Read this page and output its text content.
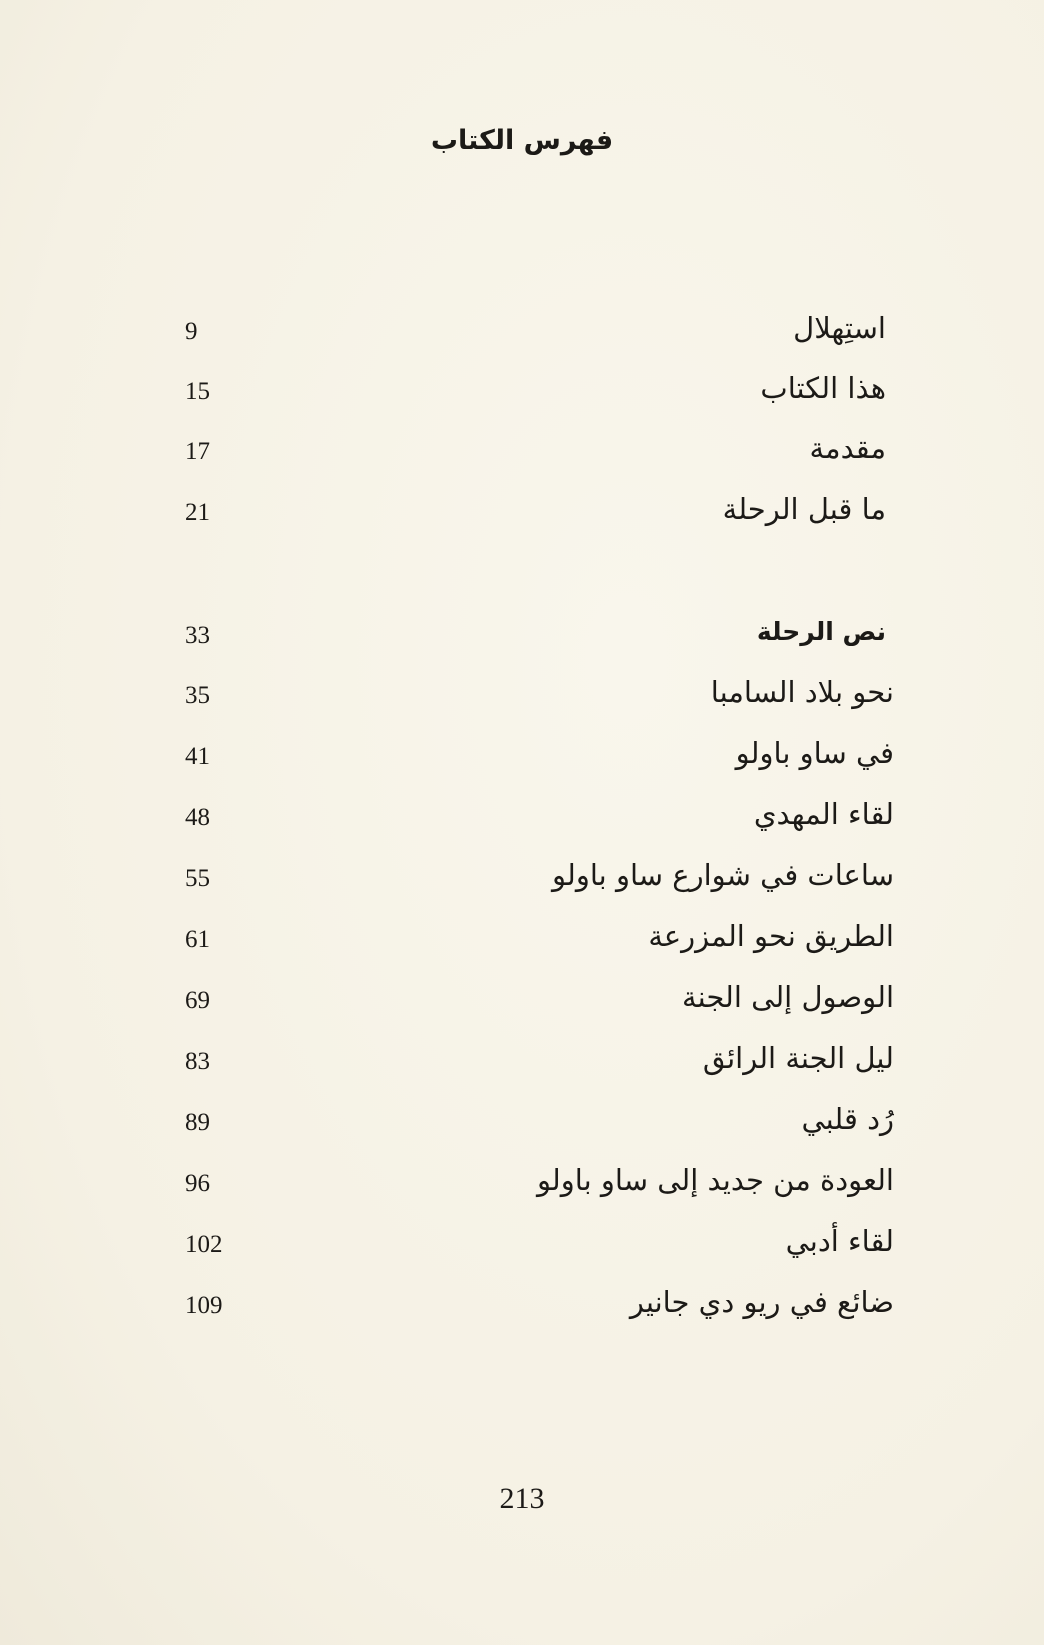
فهرس الكتاب
استِهلال
9
هذا الكتاب
15
مقدمة
17
ما قبل الرحلة
21
نص الرحلة
33
نحو بلاد السامبا
35
في ساو باولو
41
لقاء المهدي
48
ساعات في شوارع ساو باولو
55
الطريق نحو المزرعة
61
الوصول إلى الجنة
69
ليل الجنة الرائق
83
رُد قلبي
89
العودة من جديد إلى ساو باولو
96
لقاء أدبي
102
ضائع في ريو دي جانير
109
213
